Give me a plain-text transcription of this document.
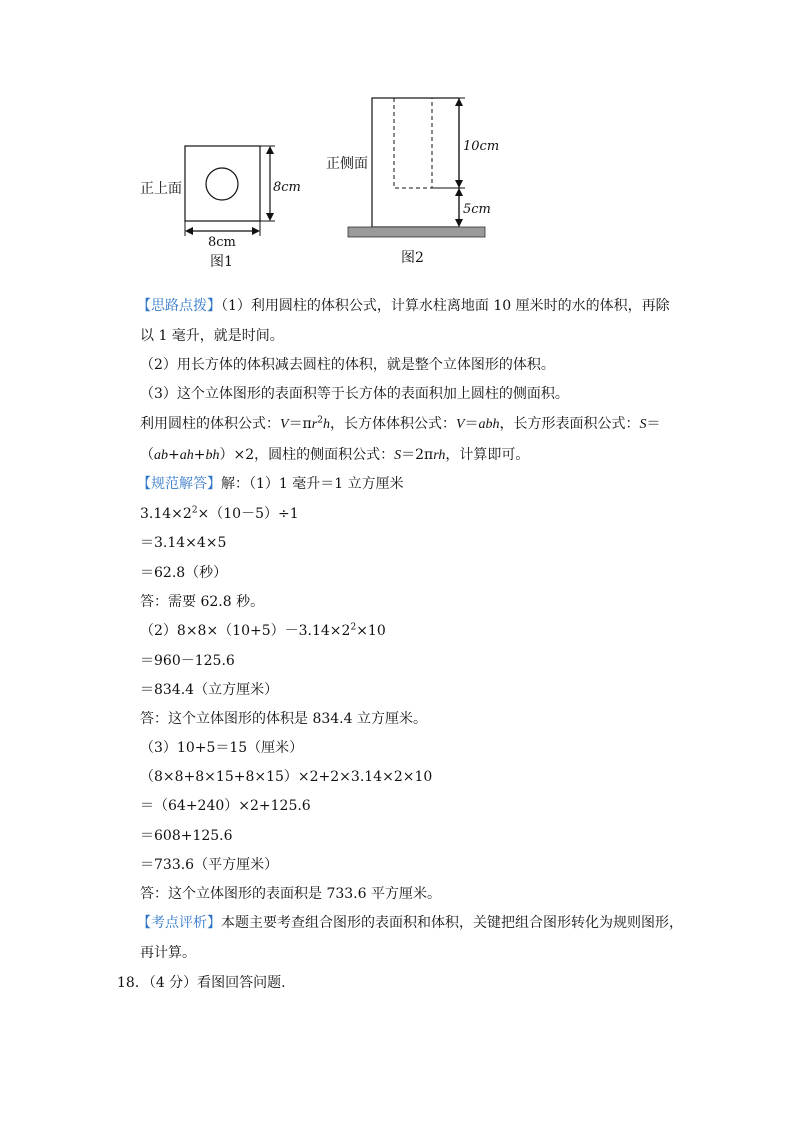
正上面	8cm
8cm
图1
正侧面
10cm
5cm
图2
【思路点拨】（1）利用圆柱的体积公式，计算水柱离地面 10 厘米时的水的体积，再除
以 1 毫升，就是时间。
（2）用长方体的体积减去圆柱的体积，就是整个立体图形的体积。
（3）这个立体图形的表面积等于长方体的表面积加上圆柱的侧面积。
利用圆柱的体积公式：$V=\pi r^2h$，长方体体积公式：V＝abh，长方形表面积公式：S＝
（ab+ah+bh）×2，圆柱的侧面积公式：S＝2πrh，计算即可。
【规范解答】解：（1）1 毫升＝1 立方厘米
$3.14\times 2^2\times(10-5)\div 1$
＝3.14×4×5
＝62.8（秒）
答：需要 62.8 秒。
$(2)8\times 8\times(10+5)-3.14\times 2^2\times 10$
＝960－125.6
＝834.4（立方厘米）
答：这个立体图形的体积是 834.4 立方厘米。
（3）10+5＝15（厘米）
（8×8+8×15+8×15）×2+2×3.14×2×10
＝（64+240）×2+125.6
＝608+125.6
＝733.6（平方厘米）
答：这个立体图形的表面积是 733.6 平方厘米。
【考点评析】本题主要考查组合图形的表面积和体积，关键把组合图形转化为规则图形，
再计算。
18．（4 分）看图回答问题.
